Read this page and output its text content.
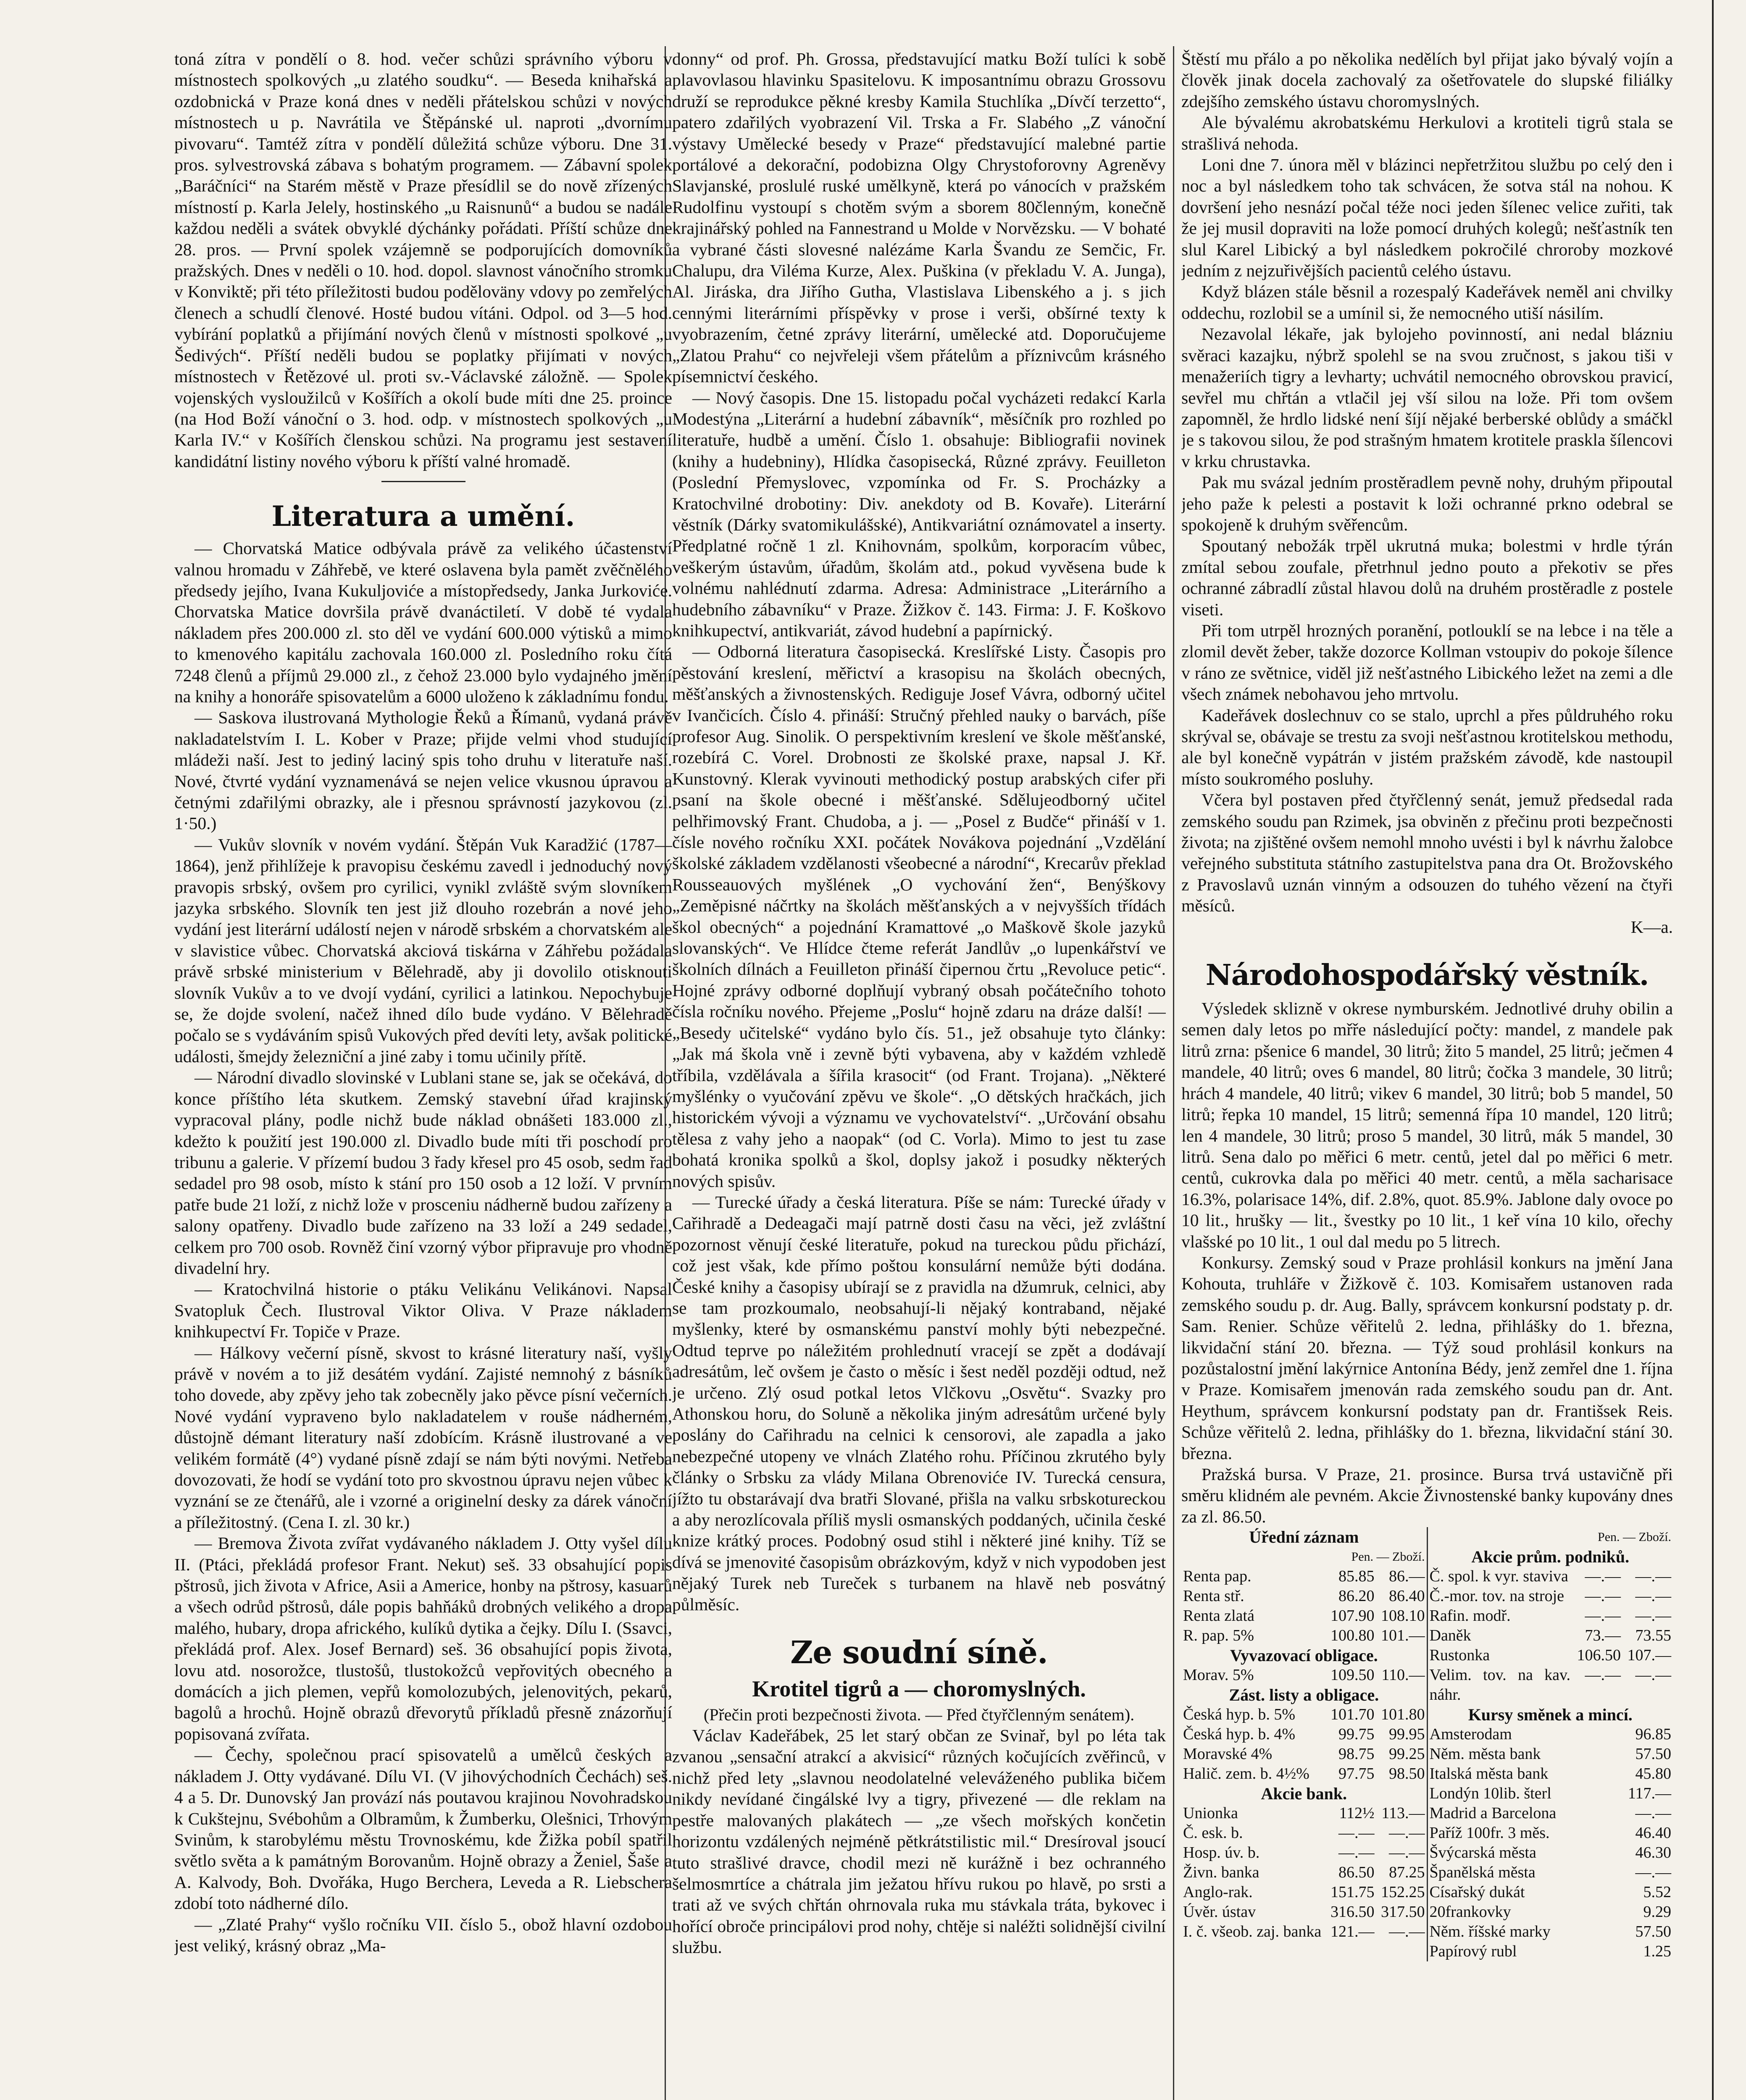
toná zítra v pondělí o 8. hod. večer schůzi správního výboru v místnostech spolkových „u zlatého soudku“. — Beseda knihařská a ozdobnická v Praze koná dnes v neděli přátelskou schůzi v nových místnostech u p. Navrátila ve Štěpánské ul. naproti „dvornímu pivovaru“. Tamtéž zítra v pondělí důležitá schůze výboru. Dne 31. pros. sylvestrovská zábava s bohatým programem. — Zábavní spolek „Baráčníci“ na Starém městě v Praze přesídlil se do nově zřízených místností p. Karla Jelely, hostinského „u Raisnunů“ a budou se nadále každou neděli a svátek obvyklé dýchánky pořádati. Příští schůze dne 28. pros. — První spolek vzájemně se podporujících domovníků pražských. Dnes v neděli o 10. hod. dopol. slavnost vánočního stromku v Konviktě; při této příležitosti budou poděloväny vdovy po zemřelých členech a schudlí členové. Hosté budou vítáni. Odpol. od 3—5 hod. vybírání poplatků a přijímání nových členů v místnosti spolkové „u Šedivých“. Příští neděli budou se poplatky přijímati v nových místnostech v Řetězové ul. proti sv.-Václavské záložně. — Spolek vojenských vysloužilců v Košířích a okolí bude míti dne 25. proince (na Hod Boží vánoční o 3. hod. odp. v místnostech spolkových „u Karla IV.“ v Košířích členskou schůzi. Na programu jest sestavení kandidátní listiny nového výboru k příští valné hromadě.

Literatura a umění.

— Chorvatská Matice odbývala právě za velikého účastenství valnou hromadu v Záhřebě, ve které oslavena byla pamět zvěčnělého předsedy jejího, Ivana Kukuljoviće a místopředsedy, Janka Jurkoviće. Chorvatska Matice dovršila právě dvanáctiletí. V době té vydala nákladem přes 200.000 zl. sto děl ve vydání 600.000 výtisků a mimo to kmenového kapitálu zachovala 160.000 zl. Posledního roku čítá 7248 členů a příjmů 29.000 zl., z čehož 23.000 bylo vydajného jmění na knihy a honoráře spisovatelům a 6000 uloženo k základnímu fondu.

— Saskova ilustrovaná Mythologie Řeků a Římanů, vydaná právě nakladatelstvím I. L. Kober v Praze; přijde velmi vhod studující mládeži naší. Jest to jediný laciný spis toho druhu v literatuře naší. Nové, čtvrté vydání vyznamenává se nejen velice vkusnou úpravou a četnými zdařilými obrazky, ale i přesnou správností jazykovou (zl. 1·50.)

— Vukův slovník v novém vydání. Štěpán Vuk Karadžić (1787—1864), jenž přihlížeje k pravopisu českému zavedl i jednoduchý nový pravopis srbský, ovšem pro cyrilici, vynikl zvláště svým slovníkem jazyka srbského. Slovník ten jest již dlouho rozebrán a nové jeho vydání jest literární událostí nejen v národě srbském a chorvatském ale v slavistice vůbec. Chorvatská akciová tiskárna v Záhřebu požádala právě srbské ministerium v Bělehradě, aby ji dovolilo otisknouti slovník Vukův a to ve dvojí vydání, cyrilici a latinkou. Nepochybuje se, že dojde svolení, načež ihned dílo bude vydáno. V Bělehradě počalo se s vydáváním spisů Vukových před devíti lety, avšak politické události, šmejdy železniční a jiné zaby i tomu učinily přítě.

— Národní divadlo slovinské v Lublani stane se, jak se očekává, do konce příštího léta skutkem. Zemský stavební úřad krajinský vypracoval plány, podle nichž bude náklad obnášeti 183.000 zl., kdežto k použití jest 190.000 zl. Divadlo bude míti tři poschodí pro tribunu a galerie. V přízemí budou 3 řady křesel pro 45 osob, sedm řad sedadel pro 98 osob, místo k stání pro 150 osob a 12 loží. V prvním patře bude 21 loží, z nichž lože v prosceniu nádherně budou zařízeny a salony opatřeny. Divadlo bude zařízeno na 33 loží a 249 sedadel, celkem pro 700 osob. Rovněž činí vzorný výbor připravuje pro vhodně divadelní hry.

— Kratochvilná historie o ptáku Velikánu Velikánovi. Napsal Svatopluk Čech. Ilustroval Viktor Oliva. V Praze nákladem knihkupectví Fr. Topiče v Praze.

— Hálkovy večerní písně, skvost to krásné literatury naší, vyšly právě v novém a to již desátém vydání. Zajisté nemnohý z básníků toho dovede, aby zpěvy jeho tak zobecněly jako pěvce písní večerních. Nové vydání vypraveno bylo nakladatelem v rouše nádherném, důstojně démant literatury naší zdobícím. Krásně ilustrované a ve velikém formátě (4°) vydané písně zdají se nám býti novými. Netřeba dovozovati, že hodí se vydání toto pro skvostnou úpravu nejen vůbec k vyznání se ze čtenářů, ale i vzorné a originelní desky za dárek vánoční a příležitostný. (Cena I. zl. 30 kr.)

— Bremova Života zvířat vydávaného nákladem J. Otty vyšel dílu II. (Ptáci, překládá profesor Frant. Nekut) seš. 33 obsahující popis pštrosů, jich života v Africe, Asii a Americe, honby na pštrosy, kasuarů a všech odrůd pštrosů, dále popis bahňáků drobných velikého a dropa malého, hubary, dropa afrického, kulíků dytika a čejky. Dílu I. (Ssavci, překládá prof. Alex. Josef Bernard) seš. 36 obsahující popis života, lovu atd. nosorožce, tlustošů, tlustokožců vepřovitých obecného a domácích a jich plemen, vepřů komolozubých, jelenovitých, pekarů, bagolů a hrochů. Hojně obrazů dřevorytů příkladů přesně znázorňují popisovaná zvířata.

— Čechy, společnou prací spisovatelů a umělců českých a nákladem J. Otty vydávané. Dílu VI. (V jihovýchodních Čechách) seš. 4 a 5. Dr. Dunovský Jan provází nás poutavou krajinou Novohradskou k Cukštejnu, Svébohům a Olbramům, k Žumberku, Olešnici, Trhovým Svinům, k starobylému městu Trovnoskému, kde Žižka pobíl spatřil světlo světa a k památným Borovanům. Hojně obrazy a Ženiel, Šaše a A. Kalvody, Boh. Dvořáka, Hugo Berchera, Leveda a R. Liebschera zdobí toto nádherné dílo.

— „Zlaté Prahy“ vyšlo ročníku VII. číslo 5., obož hlavní ozdobou jest veliký, krásný obraz „Ma-

donny“ od prof. Ph. Grossa, představující matku Boží tulíci k sobě plavovlasou hlavinku Spasitelovu. K imposantnímu obrazu Grossovu druží se reprodukce pěkné kresby Kamila Stuchlíka „Dívčí terzetto“, patero zdařilých vyobrazení Vil. Trska a Fr. Slabého „Z vánoční výstavy Umělecké besedy v Praze“ představující malebné partie portálové a dekorační, podobizna Olgy Chrystoforovny Agreněvy Slavjanské, proslulé ruské umělkyně, která po vánocích v pražském Rudolfinu vystoupí s chotěm svým a sborem 80členným, konečně krajinářský pohled na Fannestrand u Molde v Norvězsku. — V bohaté a vybrané části slovesné nalézáme Karla Švandu ze Semčic, Fr. Chalupu, dra Viléma Kurze, Alex. Puškina (v překladu V. A. Junga), Al. Jiráska, dra Jiřího Gutha, Vlastislava Libenského a j. s jich cennými literárními příspěvky v prose i verši, obšírné texty k vyobrazením, četné zprávy literární, umělecké atd. Doporučujeme „Zlatou Prahu“ co nejvřeleji všem přátelům a příznivcům krásného písemnictví českého.

— Nový časopis. Dne 15. listopadu počal vycházeti redakcí Karla Modestýna „Literární a hudební zábavník“, měsíčník pro rozhled po literatuře, hudbě a umění. Číslo 1. obsahuje: Bibliografii novinek (knihy a hudebniny), Hlídka časopisecká, Různé zprávy. Feuilleton (Poslední Přemyslovec, vzpomínka od Fr. S. Procházky a Kratochvilné drobotiny: Div. anekdoty od B. Kovaře). Literární věstník (Dárky svatomikulášské), Antikvariátní oznámovatel a inserty. Předplatné ročně 1 zl. Knihovnám, spolkům, korporacím vůbec, veškerým ústavům, úřadům, školám atd., pokud vyvěsena bude k volnému nahlédnutí zdarma. Adresa: Administrace „Literárního a hudebního zábavníku“ v Praze. Žižkov č. 143. Firma: J. F. Koškovo knihkupectví, antikvariát, závod hudební a papírnický.

— Odborná literatura časopisecká. Kreslířské Listy. Časopis pro pěstování kreslení, měřictví a krasopisu na školách obecných, měšťanských a živnostenských. Rediguje Josef Vávra, odborný učitel v Ivančicích. Číslo 4. přináší: Stručný přehled nauky o barvách, píše profesor Aug. Sinolik. O perspektivním kreslení ve škole měšťanské, rozebírá C. Vorel. Drobnosti ze školské praxe, napsal J. Kř. Kunstovný. Klerak vyvinouti methodický postup arabských cifer při psaní na škole obecné i měšťanské. Sdělujeodborný učitel pelhřimovský Frant. Chudoba, a j. — „Posel z Budče“ přináší v 1. čísle nového ročníku XXI. počátek Novákova pojednání „Vzdělání školské základem vzdělanosti všeobecné a národní“, Krecarův překlad Rousseauových myšlének „O vychování žen“, Benýškovy „Zeměpisné náčrtky na školách měšťanských a v nejvyšších třídách škol obecných“ a pojednání Kramattové „o Maškově škole jazyků slovanských“. Ve Hlídce čteme referát Jandlův „o lupenkářství ve školních dílnách a Feuilleton přináší čipernou črtu „Revoluce petic“. Hojné zprávy odborné doplňují vybraný obsah počátečního tohoto čísla ročníku nového. Přejeme „Poslu“ hojně zdaru na dráze další! — „Besedy učitelské“ vydáno bylo čís. 51., jež obsahuje tyto články: „Jak má škola vně i zevně býti vybavena, aby v každém vzhledě tříbila, vzdělávala a šířila krasocit“ (od Frant. Trojana). „Některé myšlénky o vyučování zpěvu ve škole“. „O dětských hračkách, jich historickém vývoji a významu ve vychovatelství“. „Určování obsahu tělesa z vahy jeho a naopak“ (od C. Vorla). Mimo to jest tu zase bohatá kronika spolků a škol, doplsy jakož i posudky některých nových spisův.

— Turecké úřady a česká literatura. Píše se nám: Turecké úřady v Cařihradě a Dedeagači mají patrně dosti času na věci, jež zvláštní pozornost věnují české literatuře, pokud na tureckou půdu přichází, což jest však, kde přímo poštou konsulární nemůže býti dodána. České knihy a časopisy ubírají se z pravidla na džumruk, celnici, aby se tam prozkoumalo, neobsahují-li nějaký kontraband, nějaké myšlenky, které by osmanskému panství mohly býti nebezpečné. Odtud teprve po náležitém prohlednutí vracejí se zpět a dodávají adresátům, leč ovšem je často o měsíc i šest neděl později odtud, než je určeno. Zlý osud potkal letos Vlčkovu „Osvětu“. Svazky pro Athonskou horu, do Soluně a několika jiným adresátům určené byly poslány do Cařihradu na celnici k censorovi, ale zapadla a jako nebezpečné utopeny ve vlnách Zlatého rohu. Příčinou zkrutého byly články o Srbsku za vlády Milana Obrenoviće IV. Turecká censura, jížto tu obstarávají dva bratři Slované, přišla na valku srbskotureckou a aby nerozlícovala příliš mysli osmanských poddaných, učinila české knize krátký proces. Podobný osud stihl i některé jiné knihy. Tíž se dívá se jmenovité časopisům obrázkovým, když v nich vypodoben jest nějaký Turek neb Tureček s turbanem na hlavě neb posvátný půlměsíc.

Ze soudní síně.
Krotitel tigrů a — choromyslných.
(Přečin proti bezpečnosti života. — Před čtyřčlenným senátem).

Václav Kadeřábek, 25 let starý občan ze Svinař, byl po léta tak zvanou „sensační atrakcí a akvisicí“ různých kočujících zvěřinců, v nichž před lety „slavnou neodolatelné veleváženého publika bičem nikdy nevídané čingálské lvy a tigry, přivezené — dle reklam na pestře malovaných plakátech — „ze všech mořských končetin horizontu vzdálených nejméně pětkrátstilistic mil.“ Dresíroval jsoucí tuto strašlivé dravce, chodil mezi ně kurážně i bez ochranného šelmosmrtíce a chátrala jim ježatou hřívu rukou po hlavě, po srsti a trati až ve svých chřtán ohrnovala ruka mu stávkala tráta, bykovec i hořící obroče principálovi prod nohy, chtěje si naléžti solidnější civilní službu.

Štěstí mu přálo a po několika nedělích byl přijat jako bývalý vojín a člověk jinak docela zachovalý za ošetřovatele do slupské filiálky zdejšího zemského ústavu choromyslných.

Ale bývalému akrobatskému Herkulovi a krotiteli tigrů stala se strašlivá nehoda.

Loni dne 7. února měl v blázinci nepřetržitou službu po celý den i noc a byl následkem toho tak schvácen, že sotva stál na nohou. K dovršení jeho nesnází počal téže noci jeden šílenec velice zuřiti, tak že jej musil dopraviti na lože pomocí druhých kolegů; nešťastník ten slul Karel Libický a byl následkem pokročilé chroroby mozkové jedním z nejzuřivějších pacientů celého ústavu.

Když blázen stále běsnil a rozespalý Kadeřávek neměl ani chvilky oddechu, rozlobil se a umínil si, že nemocného utiší násilím.

Nezavolal lékaře, jak bylojeho povinností, ani nedal blázniu svěraci kazajku, nýbrž spolehl se na svou zručnost, s jakou tiši v menažeriích tigry a levharty; uchvátil nemocného obrovskou pravicí, sevřel mu chřtán a vtlačil jej vší silou na lože. Při tom ovšem zapomněl, že hrdlo lidské není šíjí nějaké berberské oblůdy a smáčkl je s takovou silou, že pod strašným hmatem krotitele praskla šílencovi v krku chrustavka.

Pak mu svázal jedním prostěradlem pevně nohy, druhým připoutal jeho paže k pelesti a postavit k loži ochranné prkno odebral se spokojeně k druhým svěřencům.

Spoutaný nebožák trpěl ukrutná muka; bolestmi v hrdle týrán zmítal sebou zoufale, přetrhnul jedno pouto a překotiv se přes ochranné zábradlí zůstal hlavou dolů na druhém prostěradle z postele viseti.

Při tom utrpěl hrozných poranění, potlouklí se na lebce i na těle a zlomil devět žeber, takže dozorce Kollman vstoupiv do pokoje šílence v ráno ze světnice, viděl již nešťastného Libického ležet na zemi a dle všech známek nebohavou jeho mrtvolu.

Kadeřávek doslechnuv co se stalo, uprchl a přes půldruhého roku skrýval se, obávaje se trestu za svoji nešťastnou krotitelskou methodu, ale byl konečně vypátrán v jistém pražském závodě, kde nastoupil místo soukromého posluhy.

Včera byl postaven před čtyřčlenný senát, jemuž předsedal rada zemského soudu pan Rzimek, jsa obviněn z přečinu proti bezpečnosti života; na zjištěné ovšem nemohl mnoho uvésti i byl k návrhu žalobce veřejného substituta státního zastupitelstva pana dra Ot. Brožovského z Pravoslavů uznán vinným a odsouzen do tuhého vězení na čtyři měsíců.

K—a.

Národohospodářský věstník.

Výsledek sklizně v okrese nymburském. Jednotlivé druhy obilin a semen daly letos po mřře následující počty: mandel, z mandele pak litrů zrna: pšenice 6 mandel, 30 litrů; žito 5 mandel, 25 litrů; ječmen 4 mandele, 40 litrů; oves 6 mandel, 80 litrů; čočka 3 mandele, 30 litrů; hrách 4 mandele, 40 litrů; vikev 6 mandel, 30 litrů; bob 5 mandel, 50 litrů; řepka 10 mandel, 15 litrů; semenná řípa 10 mandel, 120 litrů; len 4 mandele, 30 litrů; proso 5 mandel, 30 litrů, mák 5 mandel, 30 litrů. Sena dalo po měřici 6 metr. centů, jetel dal po měřici 6 metr. centů, cukrovka dala po měřici 40 metr. centů, a měla sacharisace 16.3%, polarisace 14%, dif. 2.8%, quot. 85.9%. Jablone daly ovoce po 10 lit., hrušky — lit., švestky po 10 lit., 1 keř vína 10 kilo, ořechy vlašské po 10 lit., 1 oul dal medu po 5 litrech.

Konkursy. Zemský soud v Praze prohlásil konkurs na jmění Jana Kohouta, truhláře v Žižkově č. 103. Komisařem ustanoven rada zemského soudu p. dr. Aug. Bally, správcem konkursní podstaty p. dr. Sam. Renier. Schůze věřitelů 2. ledna, přihlášky do 1. března, likvidační stání 20. března. — Týž soud prohlásil konkurs na pozůstalostní jmění lakýrnice Antonína Bédy, jenž zemřel dne 1. října v Praze. Komisařem jmenován rada zemského soudu pan dr. Ant. Heythum, správcem konkursní podstaty pan dr. Františsek Reis. Schůze věřitelů 2. ledna, přihlášky do 1. března, likvidační stání 30. března.

Pražská bursa. V Praze, 21. prosince. Bursa trvá ustavičně při směru klidném ale pevném. Akcie Živnostenské banky kupovány dnes za zl. 86.50.

Úřední záznam
Pen. — Zboží.
Renta pap.	85.85 86.—
Renta stř.	86.20 86.40
Renta zlatá	107.90 108.10
R. pap. 5%	100.80 101.—
Vyvazovací obligace.
Morav. 5%	109.50 110.—
Zást. listy a obligace.
Česká hyp. b. 5%	101.70 101.80
Česká hyp. b. 4%	99.75 99.95
Moravské 4%	98.75 99.25
Halič. zem. b. 4½%	97.75 98.50
Akcie bank.
Unionka	112½ 113.—
Č. esk. b.	—.— —.—
Hosp. úv. b.	—.— —.—
Živn. banka	86.50 87.25
Anglo-rak.	151.75 152.25
Úvěr. ústav	316.50 317.50
I. č. všeob. zaj. banka 121.— —.—

Pen. — Zboží.
Akcie prům. podniků.
Č. spol. k vyr. staviva	—.— —.—
Č.-mor. tov. na stroje	—.— —.—
Rafin. modř.	—.— —.—
Daněk	73.— 73.55
Rustonka	106.50 107.—
Velim. tov. na kav. náhr.
—.— —.—
Kursy směnek a mincí.
Amsterodam	96.85
Něm. města bank	57.50
Italská města bank	45.80
Londýn 10lib. šterl	117.—
Madrid a Barcelona	—.—
Paříž 100fr. 3 měs.	46.40
Švýcarská města	46.30
Španělská města	—.—
Císařský dukát	5.52
20frankovky	9.29
Něm. říšské marky	57.50
Papírový rubl	1.25
